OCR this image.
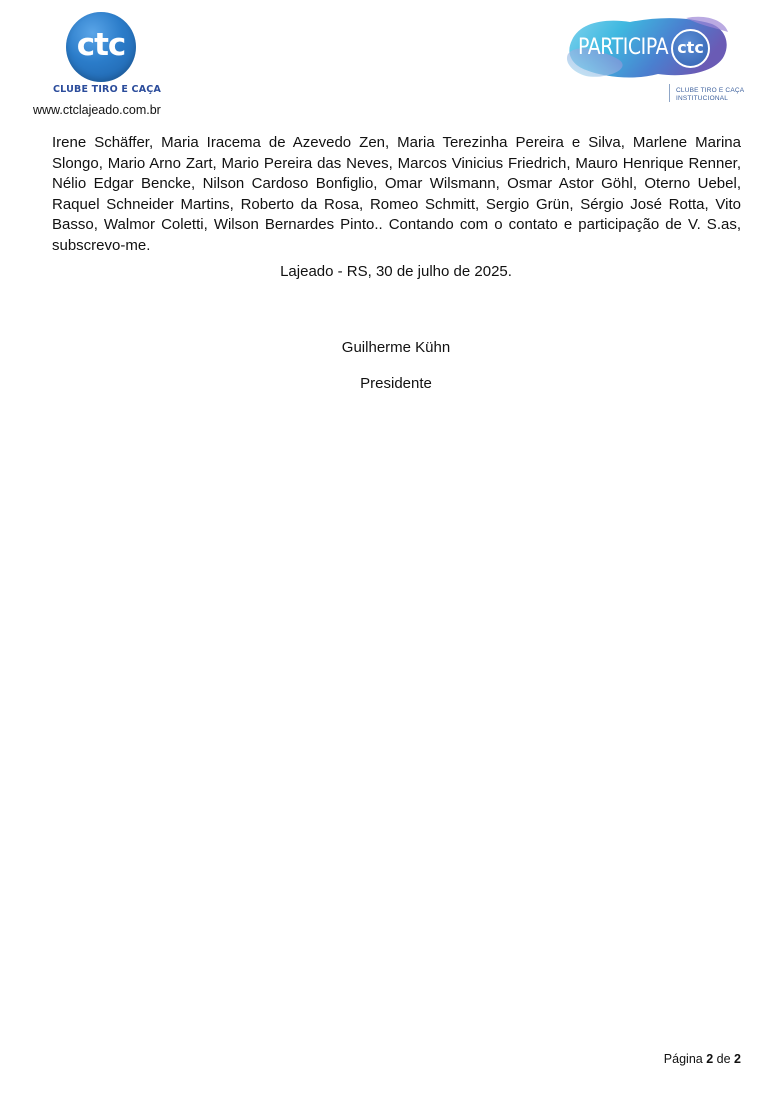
ctc
CLUBE TIRO E CAÇA
www.ctclajeado.com.br
PARTICIPA ctc
CLUBE TIRO E CAÇA
INSTITUCIONAL

Irene Schäffer, Maria Iracema de Azevedo Zen, Maria Terezinha Pereira e Silva, Marlene Marina Slongo, Mario Arno Zart, Mario Pereira das Neves, Marcos Vinicius Friedrich, Mauro Henrique Renner, Nélio Edgar Bencke, Nilson Cardoso Bonfiglio, Omar Wilsmann, Osmar Astor Göhl, Oterno Uebel, Raquel Schneider Martins, Roberto da Rosa, Romeo Schmitt, Sergio Grün, Sérgio José Rotta, Vito Basso, Walmor Coletti, Wilson Bernardes Pinto.. Contando com o contato e participação de V. S.as, subscrevo-me.

Lajeado - RS, 30 de julho de 2025.
Guilherme Kühn
Presidente
Página 2 de 2
